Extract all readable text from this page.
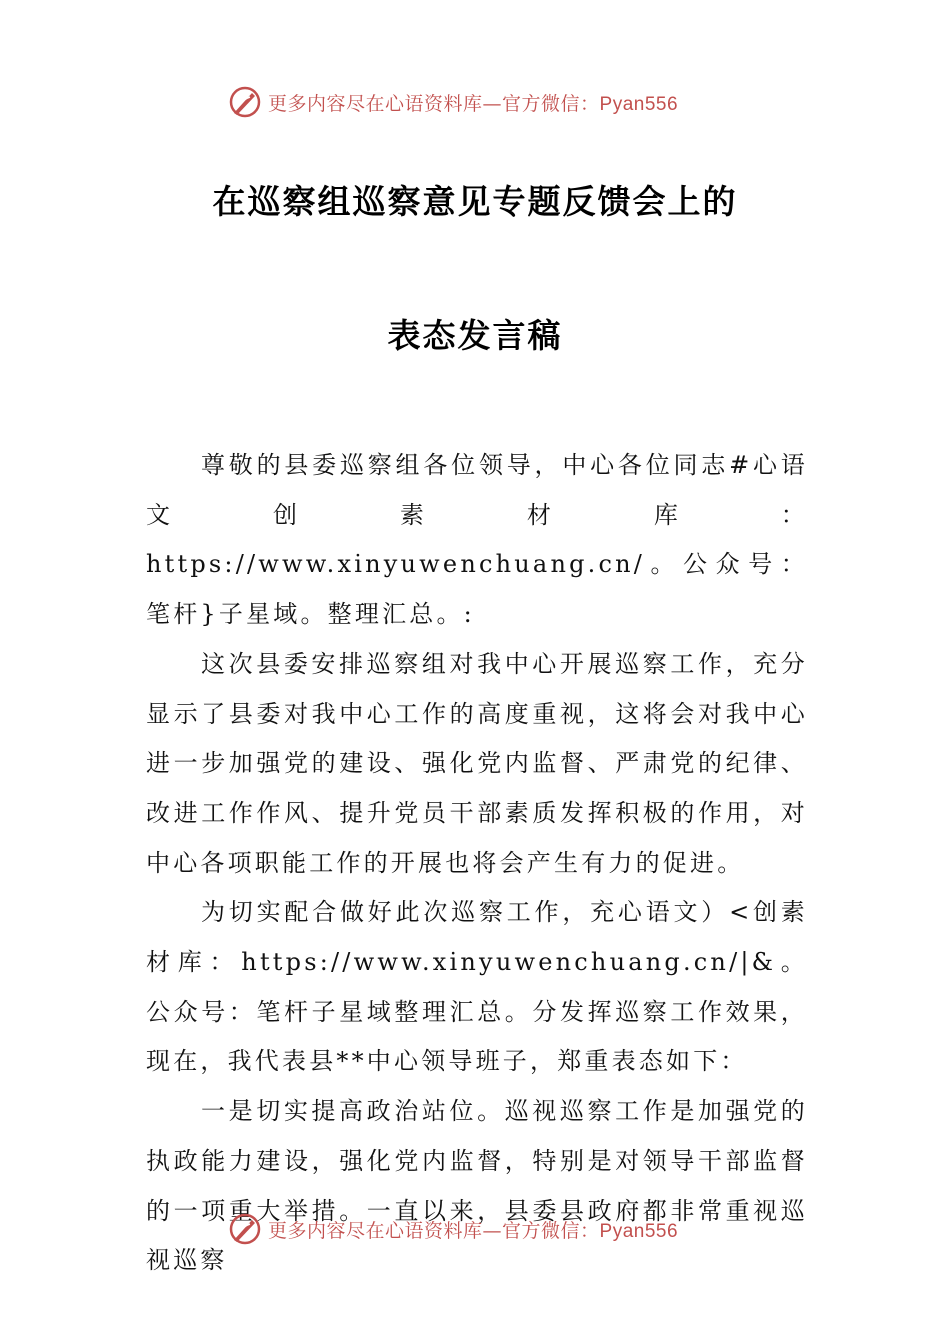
更多内容尽在心语资料库—官方微信：Pyan556
在巡察组巡察意见专题反馈会上的
表态发言稿

尊敬的县委巡察组各位领导，中心各位同志#心语文创素材库：https://www.xinyuwenchuang.cn/。公众号：笔杆}子星域。整理汇总。:

这次县委安排巡察组对我中心开展巡察工作，充分显示了县委对我中心工作的高度重视，这将会对我中心进一步加强党的建设、强化党内监督、严肃党的纪律、改进工作作风、提升党员干部素质发挥积极的作用，对中心各项职能工作的开展也将会产生有力的促进。

为切实配合做好此次巡察工作，充心语文）<创素材库：https://www.xinyuwenchuang.cn/|&。公众号：笔杆子星域整理汇总。分发挥巡察工作效果，现在，我代表县**中心领导班子，郑重表态如下：

一是切实提高政治站位。巡视巡察工作是加强党的执政能力建设，强化党内监督，特别是对领导干部监督的一项重大举措。一直以来，县委县政府都非常重视巡视巡察

更多内容尽在心语资料库—官方微信：Pyan556
